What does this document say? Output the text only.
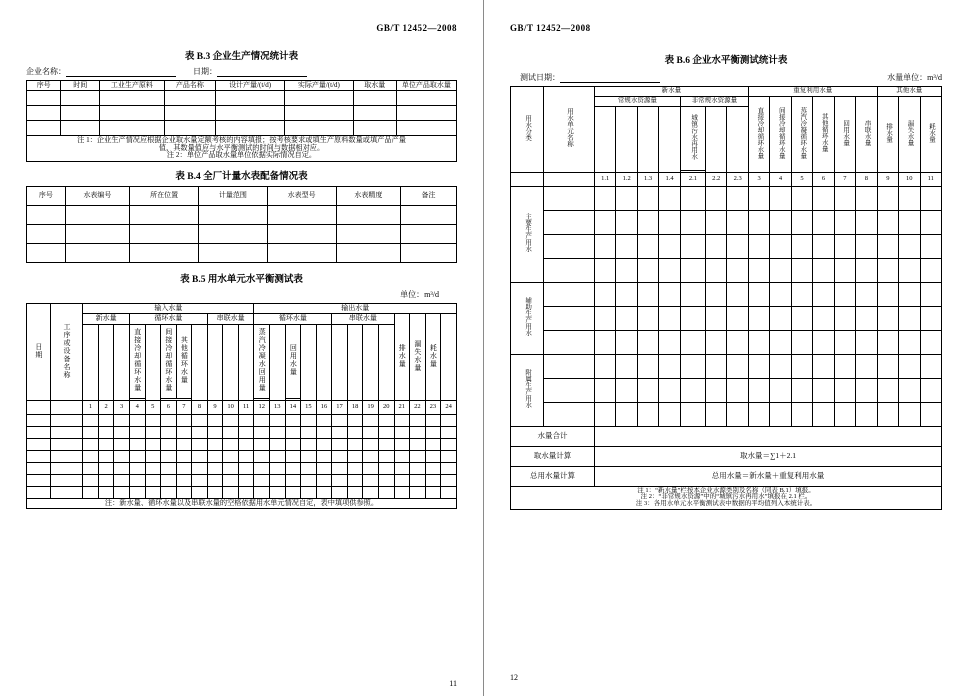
GB/T 12452—2008
表 B.3 企业生产情况统计表
企业名称：	日期：
序号	时间	工业生产原料	产品名称	设计产量/(t/d)	实际产量/(t/d)	取水量	单位产品取水量

注 1：企业生产情况应根据企业取水量定额考核的内容填报；按考核要求或填生产原料数量或填产品产量
值，其数量值应与水平衡测试的时间与数据相对应。
注 2：单位产品取水量单位依据实际情况自定。							
表 B.4 全厂计量水表配备情况表
序号	水表编号	所在位置	计量范围	水表型号	水表精度	备注

表 B.5 用水单元水平衡测试表
单位：m³/d
日期	工序或设备名称	输入水量											输出水量												
		新水量			循环水量					串联水量			循环水量					串联水量				排水量	漏失水量	耗水量	
					直接冷却循环水量		间接冷却循环水量	其他循环水量					蒸汽冷凝水回用量		回用水量										

		1	2	3	4	5	6	7	8	9	10	11	12	13	14	15	16	17	18	19	20	21	22	23	24

注：新水量、循环水量以及串联水量的空格依据用水单元情况自定，表中填项供参照。																									
11
GB/T 12452—2008
表 B.6 企业水平衡测试统计表
测试日期：	水量单位：m³/d
用水分类	用水单元名称	新水量							重复利用水量						其他水量		
		常规水资源量				非常规水资源量			直接冷却循环水量	间接冷却循环水量	蒸汽冷凝循环水量	其他循环水量	回用水量	串联水量	排水量	漏失水量	耗水量
						城镇污水再用水											

		1.1	1.2	1.3	1.4	2.1	2.2	2.3	3	4	5	6	7	8	9	10	11
主要生产用水																	

辅助生产用水																	

附属生产用水																	

水量合计																	
取水量计算		取水量＝∑1＋2.1															
总用水量计算		总用水量＝新水量＋重复利用水量															

注 1：“新水量”栏按本企业水源类别及名称（同表 B.1）填报。
注 2：“非常规水资源”中的“城镇污水再用水”填报在 2.1 栏。
注 3：各用水单元水平衡测试表中数据的平均值列入本统计表。																	
12
